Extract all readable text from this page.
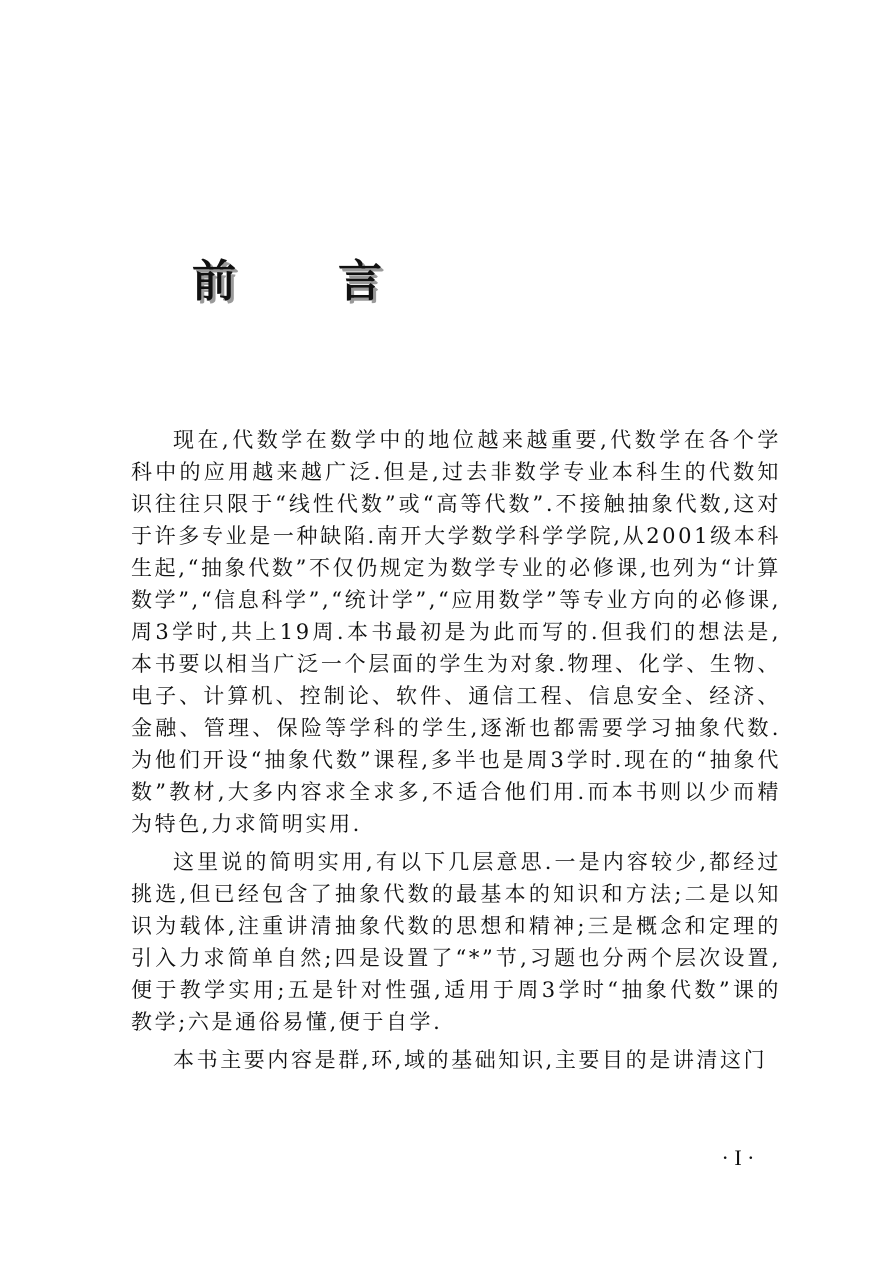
前 言

现在,代数学在数学中的地位越来越重要,代数学在各个学科中的应用越来越广泛.但是,过去非数学专业本科生的代数知识往往只限于“线性代数”或“高等代数”.不接触抽象代数,这对于许多专业是一种缺陷.南开大学数学科学学院,从2001级本科生起,“抽象代数”不仅仍规定为数学专业的必修课,也列为“计算数学”,“信息科学”,“统计学”,“应用数学”等专业方向的必修课,周3学时,共上19周.本书最初是为此而写的.但我们的想法是,本书要以相当广泛一个层面的学生为对象.物理、化学、生物、电子、计算机、控制论、软件、通信工程、信息安全、经济、金融、管理、保险等学科的学生,逐渐也都需要学习抽象代数.为他们开设“抽象代数”课程,多半也是周3学时.现在的“抽象代数”教材,大多内容求全求多,不适合他们用.而本书则以少而精为特色,力求简明实用.

这里说的简明实用,有以下几层意思.一是内容较少,都经过挑选,但已经包含了抽象代数的最基本的知识和方法;二是以知识为载体,注重讲清抽象代数的思想和精神;三是概念和定理的引入力求简单自然;四是设置了“*”节,习题也分两个层次设置,便于教学实用;五是针对性强,适用于周3学时“抽象代数”课的教学;六是通俗易懂,便于自学.

本书主要内容是群,环,域的基础知识,主要目的是讲清这门

· I ·
